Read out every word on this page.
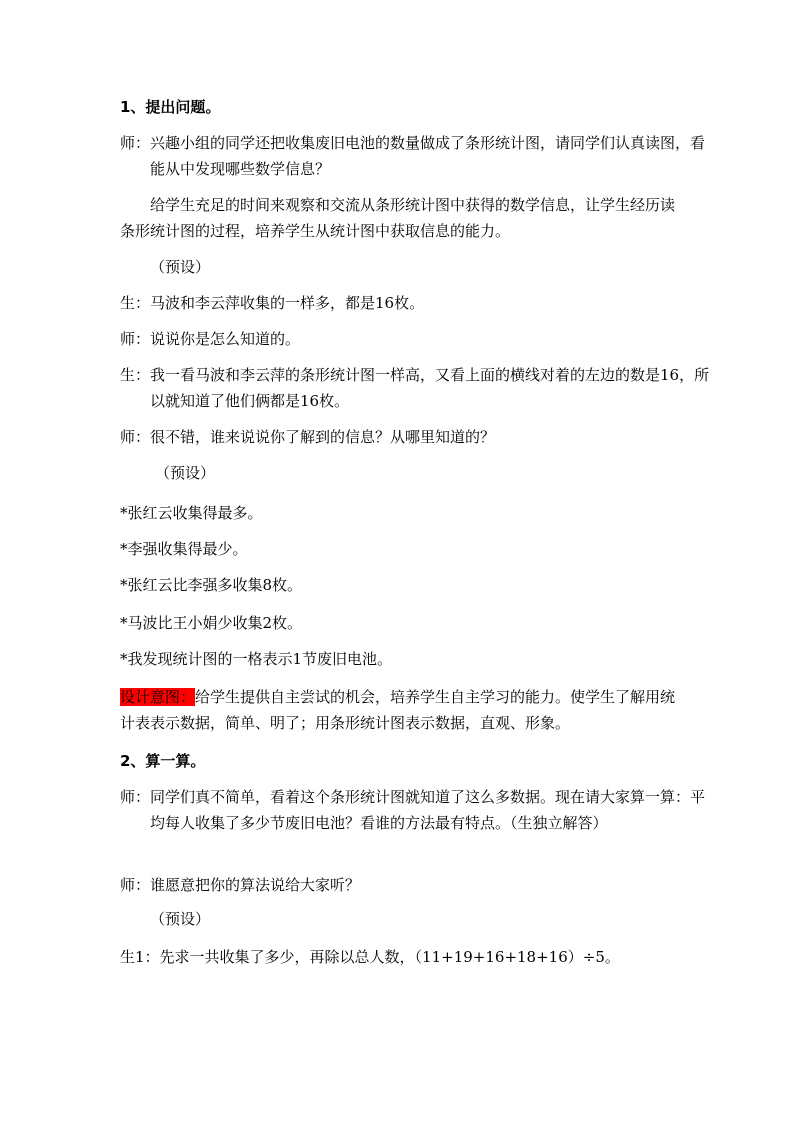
1、提出问题。
师：兴趣小组的同学还把收集废旧电池的数量做成了条形统计图，请同学们认真读图，看能从中发现哪些数学信息？
给学生充足的时间来观察和交流从条形统计图中获得的数学信息，让学生经历读条形统计图的过程，培养学生从统计图中获取信息的能力。
（预设）
生：马波和李云萍收集的一样多，都是16枚。
师：说说你是怎么知道的。
生：我一看马波和李云萍的条形统计图一样高，又看上面的横线对着的左边的数是16，所以就知道了他们俩都是16枚。
师：很不错，谁来说说你了解到的信息？从哪里知道的？
（预设）
*张红云收集得最多。
*李强收集得最少。
*张红云比李强多收集8枚。
*马波比王小娟少收集2枚。
*我发现统计图的一格表示1节废旧电池。
设计意图：给学生提供自主尝试的机会，培养学生自主学习的能力。使学生了解用统计表表示数据，简单、明了；用条形统计图表示数据，直观、形象。
2、算一算。
师：同学们真不简单，看着这个条形统计图就知道了这么多数据。现在请大家算一算：平均每人收集了多少节废旧电池？看谁的方法最有特点。（生独立解答）
师：谁愿意把你的算法说给大家听？
（预设）
生1：先求一共收集了多少，再除以总人数，（11+19+16+18+16）÷5。
